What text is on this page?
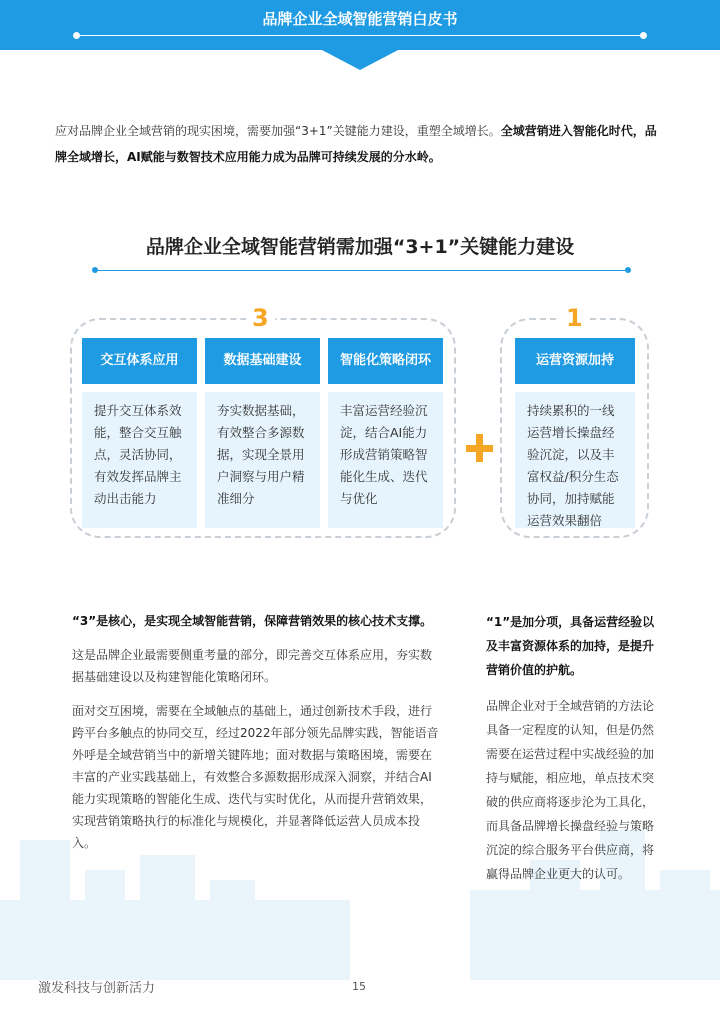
品牌企业全域智能营销白皮书
应对品牌企业全域营销的现实困境，需要加强“3+1”关键能力建设，重塑全域增长。全域营销进入智能化时代，品牌全域增长，AI赋能与数智技术应用能力成为品牌可持续发展的分水岭。
品牌企业全域智能营销需加强“3+1”关键能力建设
3	1
交互体系应用
提升交互体系效能，整合交互触点，灵活协同，有效发挥品牌主动出击能力
数据基础建设
夯实数据基础，有效整合多源数据，实现全景用户洞察与用户精准细分
智能化策略闭环
丰富运营经验沉淀，结合AI能力形成营销策略智能化生成、迭代与优化
运营资源加持
持续累积的一线运营增长操盘经验沉淀，以及丰富权益/积分生态协同，加持赋能运营效果翻倍
“3”是核心，是实现全域智能营销，保障营销效果的核心技术支撑。

这是品牌企业最需要侧重考量的部分，即完善交互体系应用，夯实数据基础建设以及构建智能化策略闭环。

面对交互困境，需要在全域触点的基础上，通过创新技术手段，进行跨平台多触点的协同交互，经过2022年部分领先品牌实践，智能语音外呼是全域营销当中的新增关键阵地；面对数据与策略困境，需要在丰富的产业实践基础上，有效整合多源数据形成深入洞察，并结合AI能力实现策略的智能化生成、迭代与实时优化，从而提升营销效果，实现营销策略执行的标准化与规模化，并显著降低运营人员成本投入。

“1”是加分项，具备运营经验以及丰富资源体系的加持，是提升营销价值的护航。

品牌企业对于全域营销的方法论具备一定程度的认知，但是仍然需要在运营过程中实战经验的加持与赋能，相应地，单点技术突破的供应商将逐步沦为工具化，而具备品牌增长操盘经验与策略沉淀的综合服务平台供应商，将赢得品牌企业更大的认可。

激发科技与创新活力	15
